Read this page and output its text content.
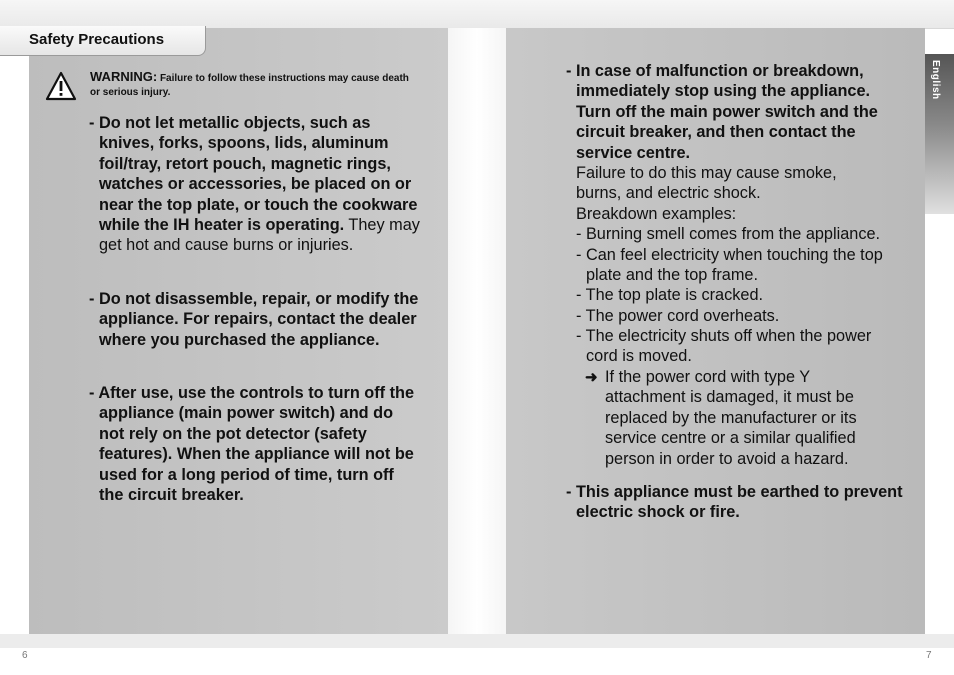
Safety Precautions
English
WARNING: Failure to follow these instructions may cause death or serious injury.
- Do not let metallic objects, such as knives, forks, spoons, lids, aluminum foil/tray, retort pouch, magnetic rings, watches or accessories, be placed on or near the top plate, or touch the cookware while the IH heater is operating. They may get hot and cause burns or injuries.
- Do not disassemble, repair, or modify the appliance. For repairs, contact the dealer where you purchased the appliance.
- After use, use the controls to turn off the appliance (main power switch) and do not rely on the pot detector (safety features). When the appliance will not be used for a long period of time, turn off the circuit breaker.
- In case of malfunction or breakdown, immediately stop using the appliance. Turn off the main power switch and the circuit breaker, and then contact the service centre.
Failure to do this may cause smoke, burns, and electric shock.
Breakdown examples:
- Burning smell comes from the appliance.
- Can feel electricity when touching the top plate and the top frame.
- The top plate is cracked.
- The power cord overheats.
- The electricity shuts off when the power cord is moved.
➜ If the power cord with type Y attachment is damaged, it must be replaced by the manufacturer or its service centre or a similar qualified person in order to avoid a hazard.
- This appliance must be earthed to prevent electric shock or fire.
6	7
